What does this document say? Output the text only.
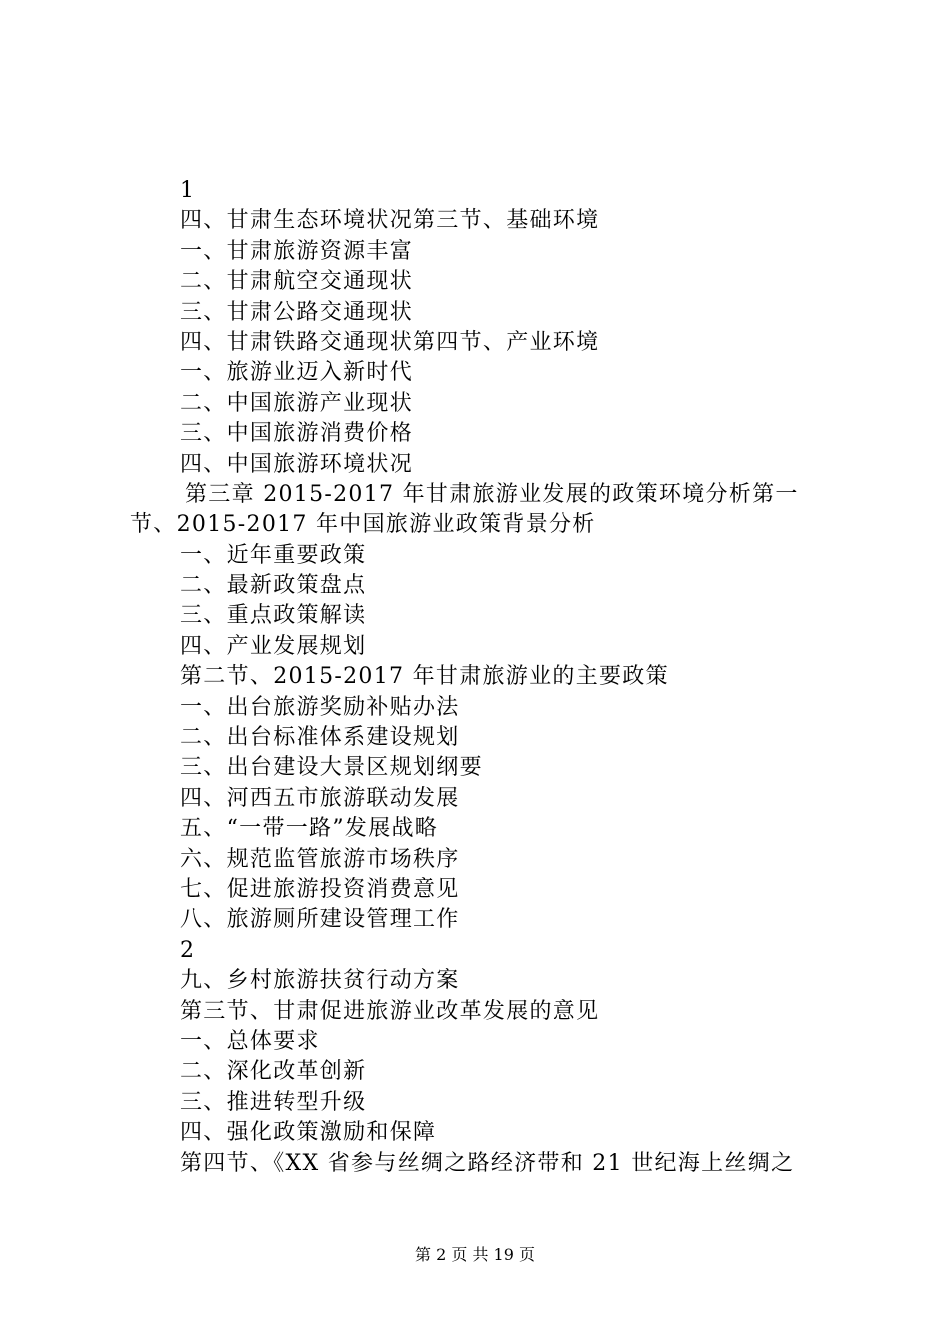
1
四、甘肃生态环境状况第三节、基础环境
一、甘肃旅游资源丰富
二、甘肃航空交通现状
三、甘肃公路交通现状
四、甘肃铁路交通现状第四节、产业环境
一、旅游业迈入新时代
二、中国旅游产业现状
三、中国旅游消费价格
四、中国旅游环境状况
第三章 2015-2017 年甘肃旅游业发展的政策环境分析第一
节、2015-2017 年中国旅游业政策背景分析
一、近年重要政策
二、最新政策盘点
三、重点政策解读
四、产业发展规划
第二节、2015-2017 年甘肃旅游业的主要政策
一、出台旅游奖励补贴办法
二、出台标准体系建设规划
三、出台建设大景区规划纲要
四、河西五市旅游联动发展
五、“一带一路”发展战略
六、规范监管旅游市场秩序
七、促进旅游投资消费意见
八、旅游厕所建设管理工作
2
九、乡村旅游扶贫行动方案
第三节、甘肃促进旅游业改革发展的意见
一、总体要求
二、深化改革创新
三、推进转型升级
四、强化政策激励和保障
第四节、《XX 省参与丝绸之路经济带和 21 世纪海上丝绸之
第 2 页 共 19 页
